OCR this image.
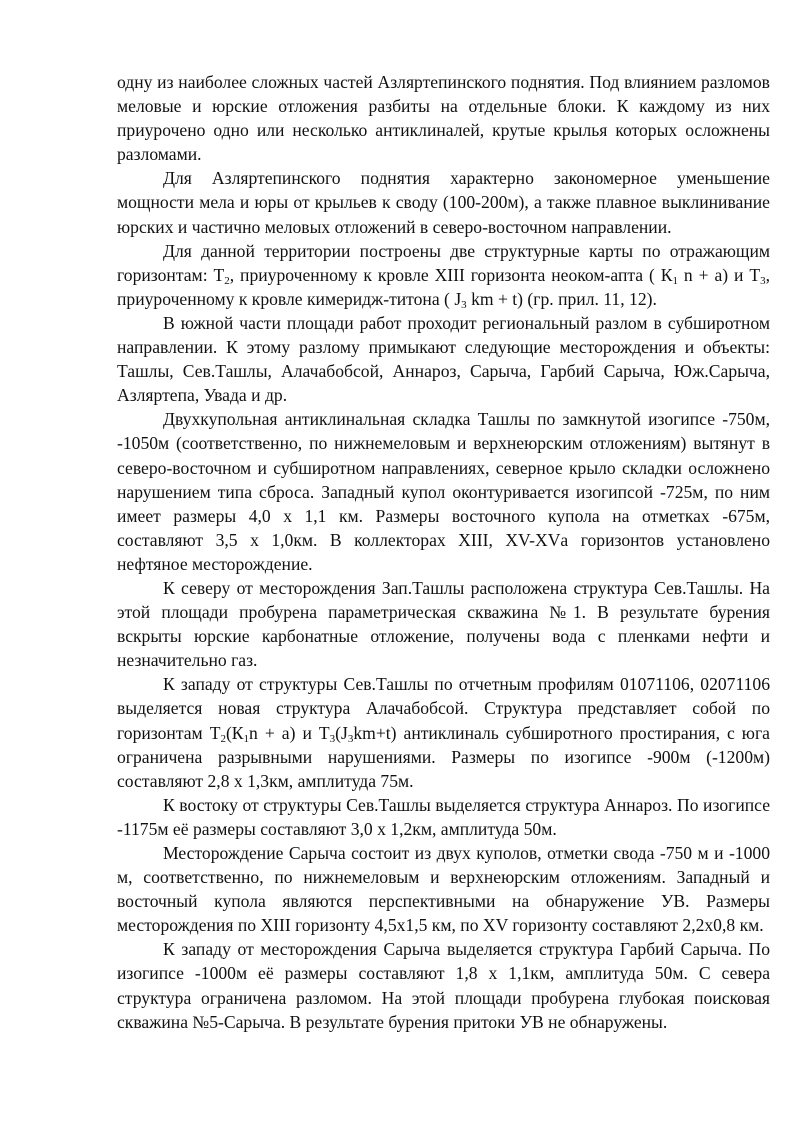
одну из наиболее сложных частей Азляртепинского поднятия. Под влиянием разломов меловые и юрские отложения разбиты на отдельные блоки. К каждому из них приурочено одно или несколько антиклиналей, крутые крылья которых осложнены разломами.

Для Азляртепинского поднятия характерно закономерное уменьшение мощности мела и юры от крыльев к своду (100-200м), а также плавное выклинивание юрских и частично меловых отложений в северо-восточном направлении.

Для данной территории построены две структурные карты по отражающим горизонтам: $Т_2$, приуроченному к кровле XIII горизонта неоком-апта ( $К_1$ n + а) и $Т_3$, приуроченному к кровле кимеридж-титона ( $J_3$ km + t) (гр. прил. 11, 12).

В южной части площади работ проходит региональный разлом в субширотном направлении. К этому разлому примыкают следующие месторождения и объекты: Ташлы, Сев.Ташлы, Алачабобсой, Аннароз, Сарыча, Гарбий Сарыча, Юж.Сарыча, Азляртепа, Увада и др.

Двухкупольная антиклинальная складка Ташлы по замкнутой изогипсе -750м, -1050м (соответственно, по нижнемеловым и верхнеюрским отложениям) вытянут в северо-восточном и субширотном направлениях, северное крыло складки осложнено нарушением типа сброса. Западный купол оконтуривается изогипсой -725м, по ним имеет размеры 4,0 х 1,1 км. Размеры восточного купола на отметках -675м, составляют 3,5 х 1,0км. В коллекторах XIII, XV-XVа горизонтов установлено нефтяное месторождение.

К северу от месторождения Зап.Ташлы расположена структура Сев.Ташлы. На этой площади пробурена параметрическая скважина №1. В результате бурения вскрыты юрские карбонатные отложение, получены вода с пленками нефти и незначительно газ.

К западу от структуры Сев.Ташлы по отчетным профилям 01071106, 02071106 выделяется новая структура Алачабобсой. Структура представляет собой по горизонтам $Т_2(К_1n + а)$ и $Т_3(J_3km+t)$ антиклиналь субширотного простирания, с юга ограничена разрывными нарушениями. Размеры по изогипсе -900м (-1200м) составляют 2,8 х 1,3км, амплитуда 75м.

К востоку от структуры Сев.Ташлы выделяется структура Аннароз. По изогипсе -1175м её размеры составляют 3,0 х 1,2км, амплитуда 50м.

Месторождение Сарыча состоит из двух куполов, отметки свода -750 м и -1000 м, соответственно, по нижнемеловым и верхнеюрским отложениям. Западный и восточный купола являются перспективными на обнаружение УВ. Размеры месторождения по XIII горизонту 4,5х1,5 км, по XV горизонту составляют 2,2х0,8 км.

К западу от месторождения Сарыча выделяется структура Гарбий Сарыча. По изогипсе -1000м её размеры составляют 1,8 х 1,1км, амплитуда 50м. С севера структура ограничена разломом. На этой площади пробурена глубокая поисковая скважина №5-Сарыча. В результате бурения притоки УВ не обнаружены.
